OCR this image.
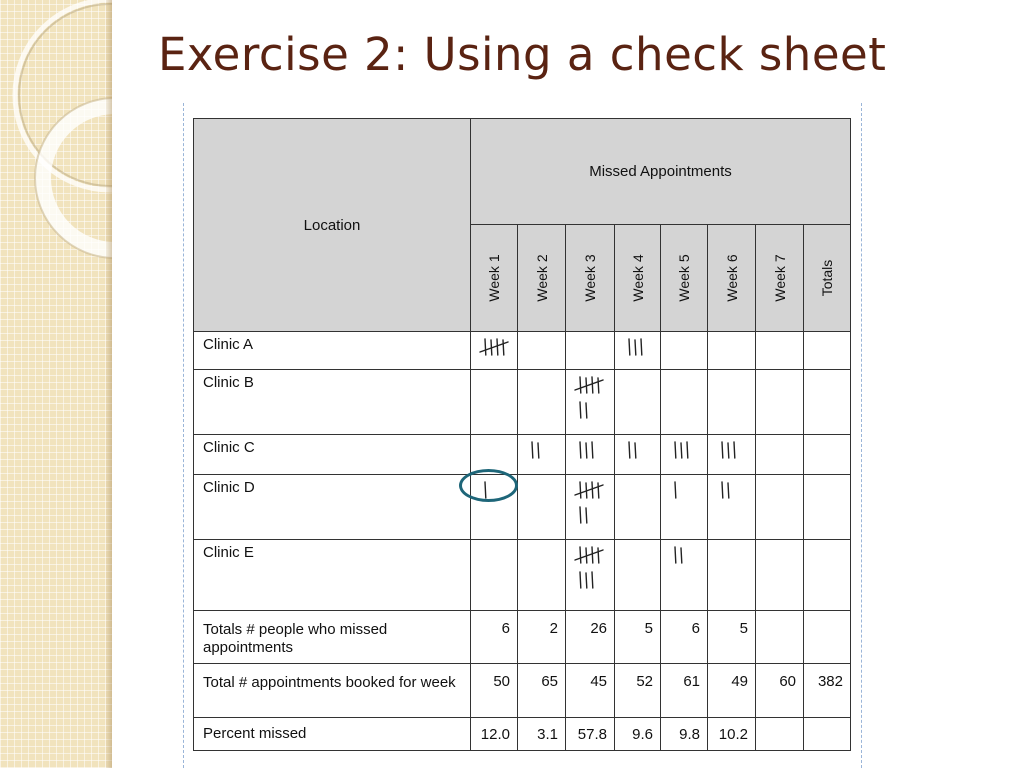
Exercise 2: Using a check sheet
Location	Missed Appointments							

	Week 1	Week 2	Week 3	Week 4	Week 5	Week 6	Week 7	Totals

Clinic A	

Clinic B			

Clinic C		

Clinic D	

Clinic E			

Totals # people who missed appointments	6	2	26	5	6	5		
Total # appointments booked for week	50	65	45	52	61	49	60	382
Percent missed	12.0	3.1	57.8	9.6	9.8	10.2		
